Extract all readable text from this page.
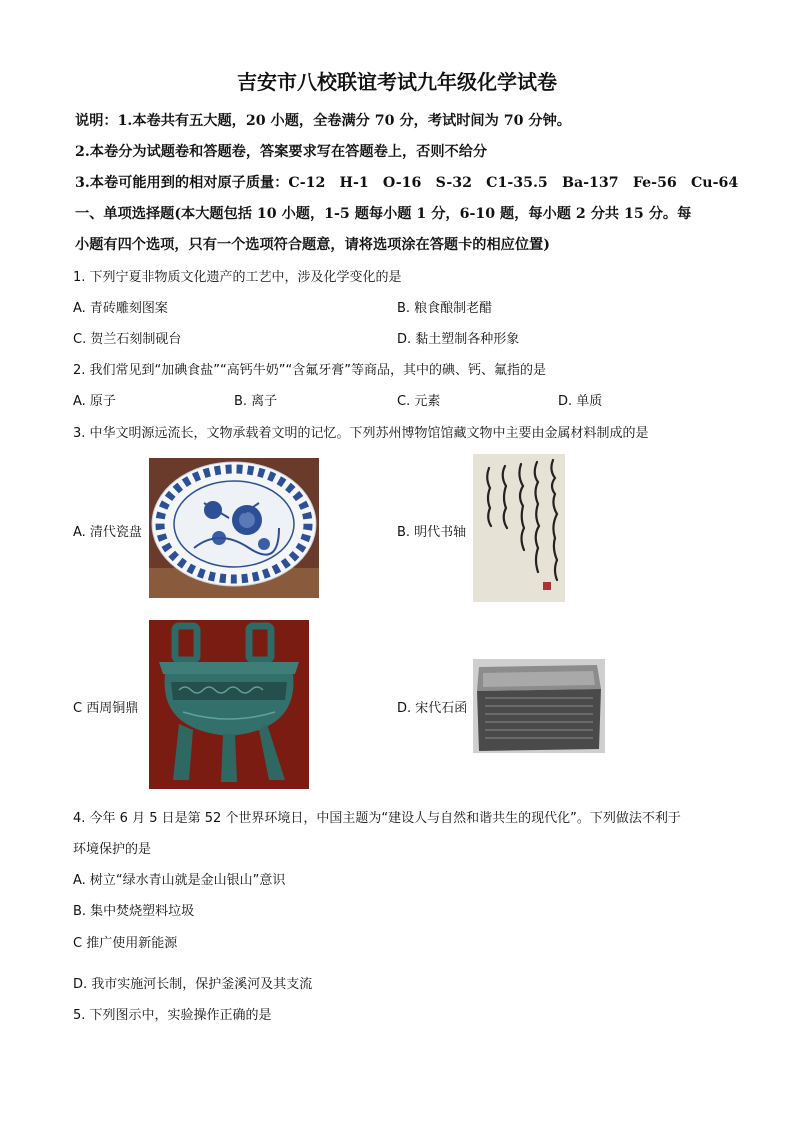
吉安市八校联谊考试九年级化学试卷
说明：1.本卷共有五大题，20 小题，全卷满分 70 分，考试时间为 70 分钟。
2.本卷分为试题卷和答题卷，答案要求写在答题卷上，否则不给分
3.本卷可能用到的相对原子质量：C-12　H-1　O-16　S-32　C1-35.5　Ba-137　Fe-56　Cu-64
一、单项选择题(本大题包括 10 小题，1-5 题每小题 1 分，6-10 题，每小题 2 分共 15 分。每
小题有四个选项，只有一个选项符合题意，请将选项涂在答题卡的相应位置)
1. 下列宁夏非物质文化遗产的工艺中，涉及化学变化的是
A. 青砖雕刻图案	B. 粮食酿制老醋
C. 贺兰石刻制砚台	D. 黏土塑制各种形象
2. 我们常见到“加碘食盐”“高钙牛奶”“含氟牙膏”等商品，其中的碘、钙、氟指的是
A. 原子	B. 离子	C. 元素	D. 单质
3. 中华文明源远流长，文物承载着文明的记忆。下列苏州博物馆馆藏文物中主要由金属材料制成的是
A. 清代瓷盘	B. 明代书轴
C 西周铜鼎	D. 宋代石函
4. 今年 6 月 5 日是第 52 个世界环境日，中国主题为“建设人与自然和谐共生的现代化”。下列做法不利于
环境保护的是
A. 树立“绿水青山就是金山银山”意识
B. 集中焚烧塑料垃圾
C 推广使用新能源
D. 我市实施河长制，保护釜溪河及其支流
5. 下列图示中，实验操作正确的是
